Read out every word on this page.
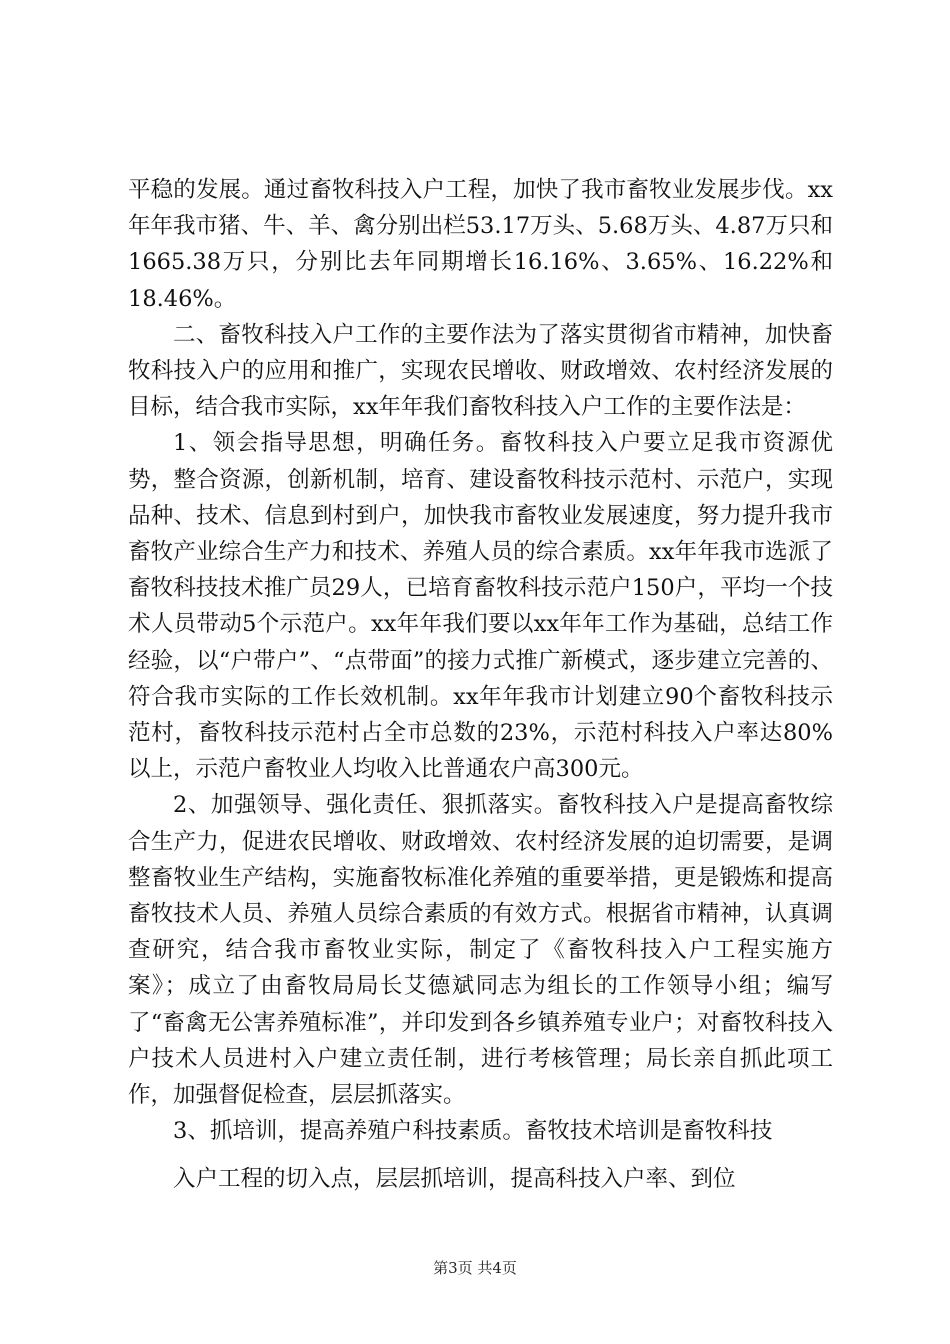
平稳的发展。通过畜牧科技入户工程，加快了我市畜牧业发展步伐。xx年年我市猪、牛、羊、禽分别出栏53.17万头、5.68万头、4.87万只和1665.38万只，分别比去年同期增长16.16%、3.65%、16.22%和18.46%。

二、畜牧科技入户工作的主要作法为了落实贯彻省市精神，加快畜牧科技入户的应用和推广，实现农民增收、财政增效、农村经济发展的目标，结合我市实际，xx年年我们畜牧科技入户工作的主要作法是：

1、领会指导思想，明确任务。畜牧科技入户要立足我市资源优势，整合资源，创新机制，培育、建设畜牧科技示范村、示范户，实现品种、技术、信息到村到户，加快我市畜牧业发展速度，努力提升我市畜牧产业综合生产力和技术、养殖人员的综合素质。xx年年我市选派了畜牧科技技术推广员29人，已培育畜牧科技示范户150户，平均一个技术人员带动5个示范户。xx年年我们要以xx年年工作为基础，总结工作经验，以“户带户”、“点带面”的接力式推广新模式，逐步建立完善的、符合我市实际的工作长效机制。xx年年我市计划建立90个畜牧科技示范村，畜牧科技示范村占全市总数的23%，示范村科技入户率达80%以上，示范户畜牧业人均收入比普通农户高300元。

2、加强领导、强化责任、狠抓落实。畜牧科技入户是提高畜牧综合生产力，促进农民增收、财政增效、农村经济发展的迫切需要，是调整畜牧业生产结构，实施畜牧标准化养殖的重要举措，更是锻炼和提高畜牧技术人员、养殖人员综合素质的有效方式。根据省市精神，认真调查研究，结合我市畜牧业实际，制定了《畜牧科技入户工程实施方案》；成立了由畜牧局局长艾德斌同志为组长的工作领导小组；编写了“畜禽无公害养殖标准”，并印发到各乡镇养殖专业户；对畜牧科技入户技术人员进村入户建立责任制，进行考核管理；局长亲自抓此项工作，加强督促检查，层层抓落实。

3、抓培训，提高养殖户科技素质。畜牧技术培训是畜牧科技

入户工程的切入点，层层抓培训，提高科技入户率、到位

第3页 共4页
